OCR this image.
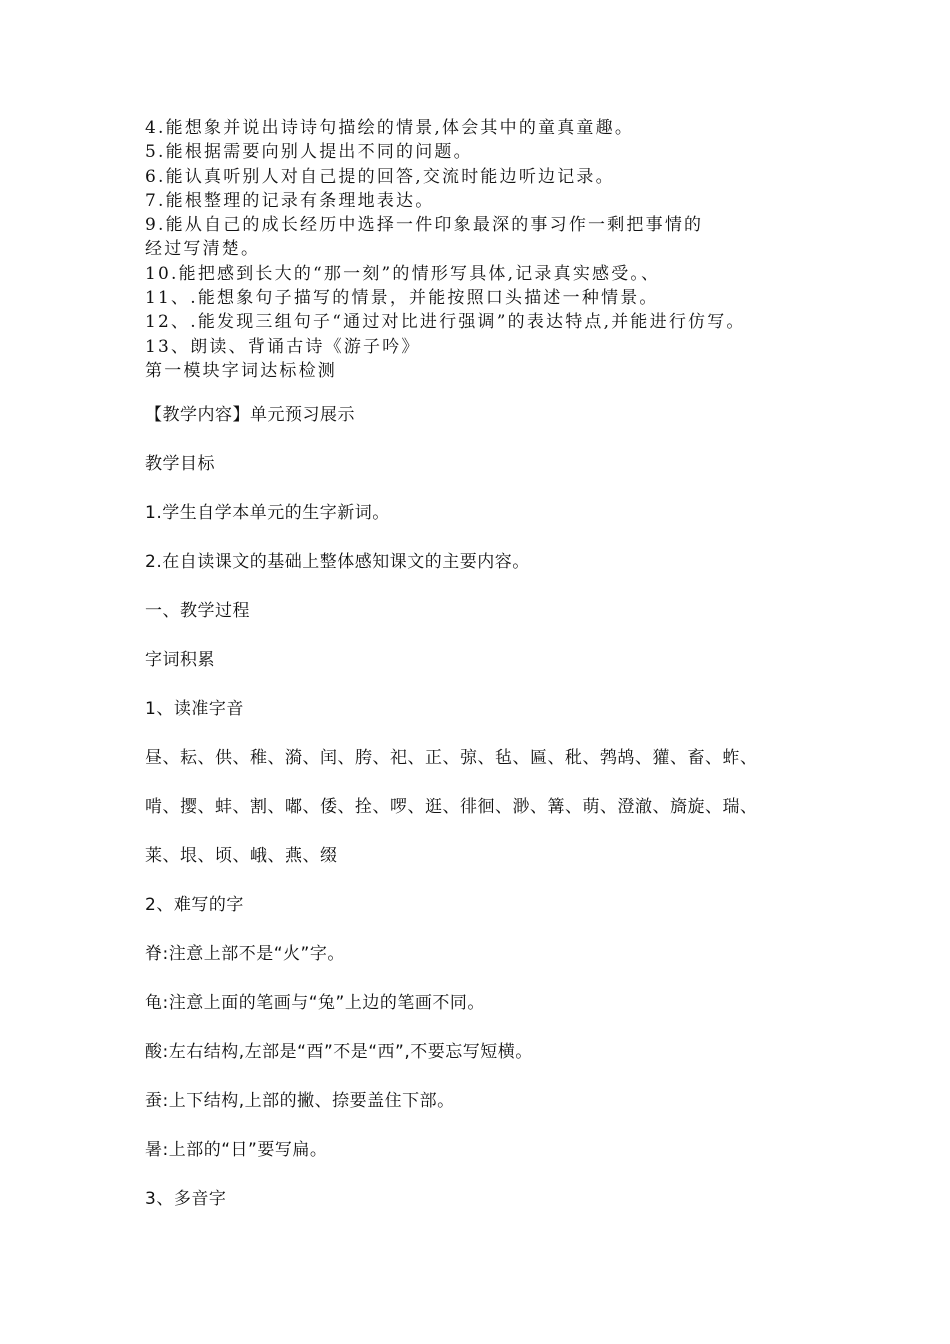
4.能想象并说出诗诗句描绘的情景,体会其中的童真童趣。
5.能根据需要向别人提出不同的问题。
6.能认真听别人对自己提的回答,交流时能边听边记录。
7.能根整理的记录有条理地表达。
9.能从自己的成长经历中选择一件印象最深的事习作一剩把事情的
经过写清楚。
10.能把感到长大的“那一刻”的情形写具体,记录真实感受。、
11、.能想象句子描写的情景，并能按照口头描述一种情景。
12、.能发现三组句子“通过对比进行强调”的表达特点,并能进行仿写。
13、朗读、背诵古诗《游子吟》
第一模块字词达标检测
【教学内容】单元预习展示
教学目标
1.学生自学本单元的生字新词。
2.在自读课文的基础上整体感知课文的主要内容。
一、教学过程
字词积累
1、读准字音
昼、耘、供、稚、漪、闰、胯、祀、正、弶、毡、匾、秕、鹁鸪、獾、畜、蚱、
啃、撄、蚌、割、嘟、倭、拴、啰、逛、徘徊、渺、篝、萌、澄澈、旖旋、瑞、
莱、垠、顷、峨、燕、缀
2、难写的字
脊:注意上部不是“火”字。
龟:注意上面的笔画与“兔”上边的笔画不同。
酸:左右结构,左部是“酉”不是“西”,不要忘写短横。
蚕:上下结构,上部的撇、捺要盖住下部。
暑:上部的“日”要写扁。
3、多音字
